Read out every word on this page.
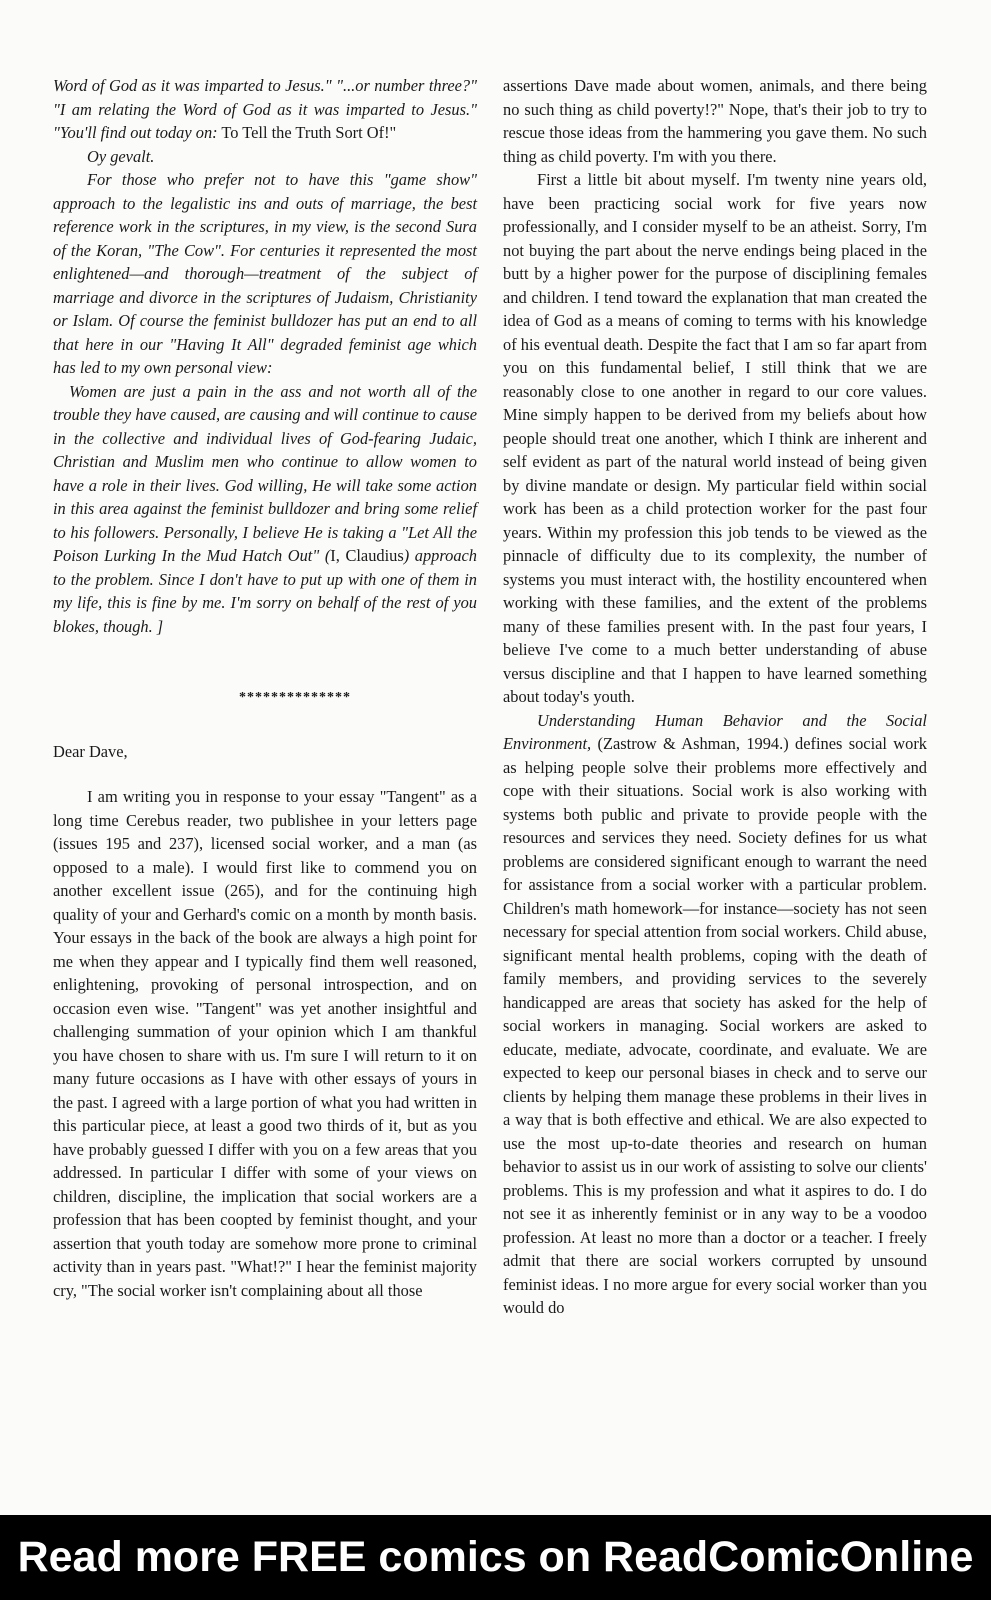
Word of God as it was imparted to Jesus." "...or number three?" "I am relating the Word of God as it was imparted to Jesus." "You'll find out today on: To Tell the Truth Sort Of!"

Oy gevalt.

For those who prefer not to have this "game show" approach to the legalistic ins and outs of marriage, the best reference work in the scriptures, in my view, is the second Sura of the Koran, "The Cow". For centuries it represented the most enlightened—and thorough—treatment of the subject of marriage and divorce in the scriptures of Judaism, Christianity or Islam. Of course the feminist bulldozer has put an end to all that here in our "Having It All" degraded feminist age which has led to my own personal view:

Women are just a pain in the ass and not worth all of the trouble they have caused, are causing and will continue to cause in the collective and individual lives of God-fearing Judaic, Christian and Muslim men who continue to allow women to have a role in their lives. God willing, He will take some action in this area against the feminist bulldozer and bring some relief to his followers. Personally, I believe He is taking a "Let All the Poison Lurking In the Mud Hatch Out" (I, Claudius) approach to the problem. Since I don't have to put up with one of them in my life, this is fine by me. I'm sorry on behalf of the rest of you blokes, though. ]

**************

Dear Dave,

I am writing you in response to your essay "Tangent" as a long time Cerebus reader, two publishee in your letters page (issues 195 and 237), licensed social worker, and a man (as opposed to a male). I would first like to commend you on another excellent issue (265), and for the continuing high quality of your and Gerhard's comic on a month by month basis. Your essays in the back of the book are always a high point for me when they appear and I typically find them well reasoned, enlightening, provoking of personal introspection, and on occasion even wise. "Tangent" was yet another insightful and challenging summation of your opinion which I am thankful you have chosen to share with us. I'm sure I will return to it on many future occasions as I have with other essays of yours in the past. I agreed with a large portion of what you had written in this particular piece, at least a good two thirds of it, but as you have probably guessed I differ with you on a few areas that you addressed. In particular I differ with some of your views on children, discipline, the implication that social workers are a profession that has been coopted by feminist thought, and your assertion that youth today are somehow more prone to criminal activity than in years past. "What!?" I hear the feminist majority cry, "The social worker isn't complaining about all those

assertions Dave made about women, animals, and there being no such thing as child poverty!?" Nope, that's their job to try to rescue those ideas from the hammering you gave them. No such thing as child poverty. I'm with you there.

First a little bit about myself. I'm twenty nine years old, have been practicing social work for five years now professionally, and I consider myself to be an atheist. Sorry, I'm not buying the part about the nerve endings being placed in the butt by a higher power for the purpose of disciplining females and children. I tend toward the explanation that man created the idea of God as a means of coming to terms with his knowledge of his eventual death. Despite the fact that I am so far apart from you on this fundamental belief, I still think that we are reasonably close to one another in regard to our core values. Mine simply happen to be derived from my beliefs about how people should treat one another, which I think are inherent and self evident as part of the natural world instead of being given by divine mandate or design. My particular field within social work has been as a child protection worker for the past four years. Within my profession this job tends to be viewed as the pinnacle of difficulty due to its complexity, the number of systems you must interact with, the hostility encountered when working with these families, and the extent of the problems many of these families present with. In the past four years, I believe I've come to a much better understanding of abuse versus discipline and that I happen to have learned something about today's youth.

Understanding Human Behavior and the Social Environment, (Zastrow & Ashman, 1994.) defines social work as helping people solve their problems more effectively and cope with their situations. Social work is also working with systems both public and private to provide people with the resources and services they need. Society defines for us what problems are considered significant enough to warrant the need for assistance from a social worker with a particular problem. Children's math homework—for instance—society has not seen necessary for special attention from social workers. Child abuse, significant mental health problems, coping with the death of family members, and providing services to the severely handicapped are areas that society has asked for the help of social workers in managing. Social workers are asked to educate, mediate, advocate, coordinate, and evaluate. We are expected to keep our personal biases in check and to serve our clients by helping them manage these problems in their lives in a way that is both effective and ethical. We are also expected to use the most up-to-date theories and research on human behavior to assist us in our work of assisting to solve our clients' problems. This is my profession and what it aspires to do. I do not see it as inherently feminist or in any way to be a voodoo profession. At least no more than a doctor or a teacher. I freely admit that there are social workers corrupted by unsound feminist ideas. I no more argue for every social worker than you would do

Read more FREE comics on ReadComicOnline
